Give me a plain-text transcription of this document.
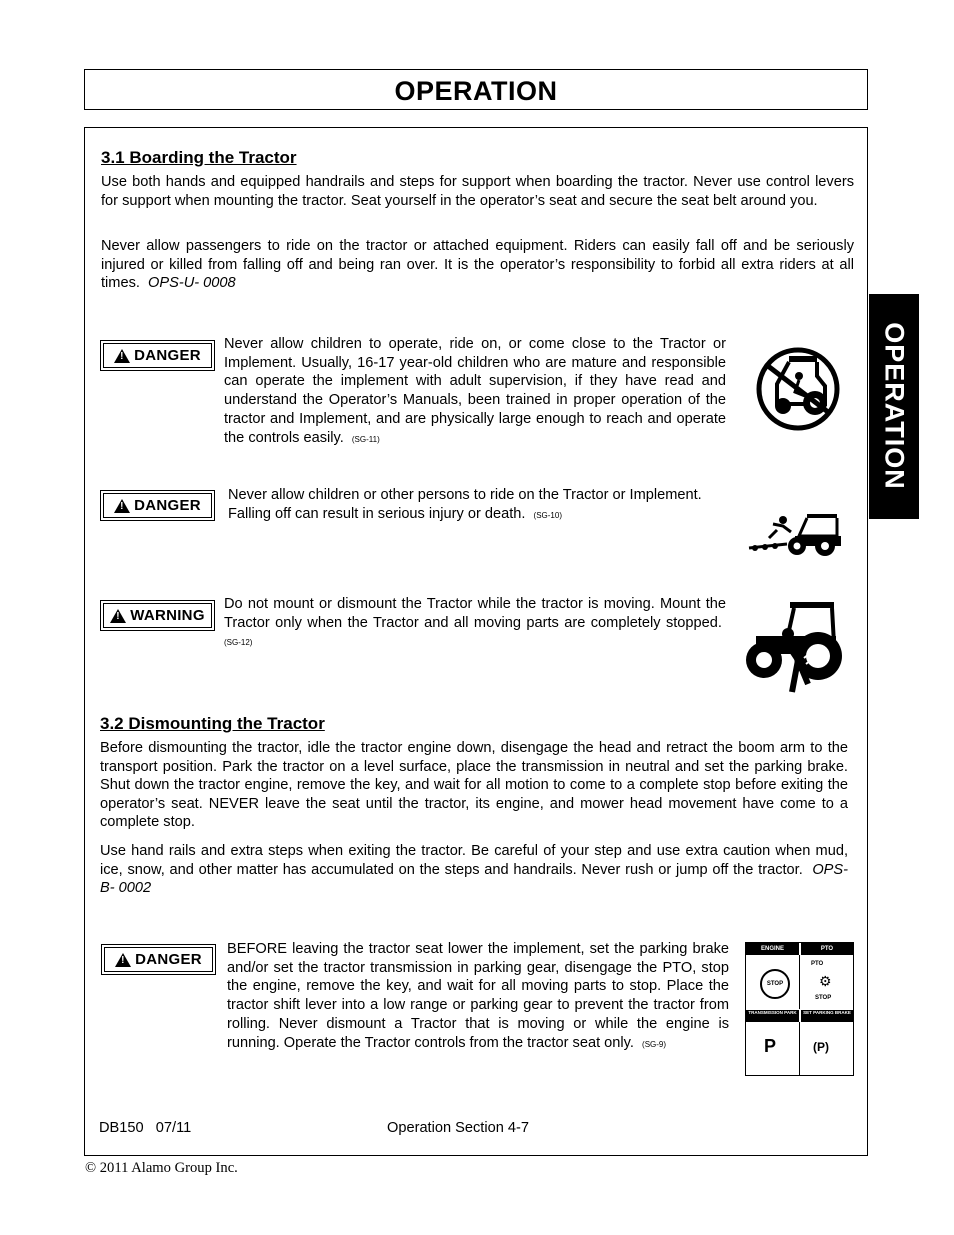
OPERATION
OPERATION
3.1 Boarding the Tractor
Use both hands and equipped handrails and steps for support when boarding the tractor. Never use control levers for support when mounting the tractor. Seat yourself in the operator’s seat and secure the seat belt around you.
Never allow passengers to ride on the tractor or attached equipment. Riders can easily fall off and be seriously injured or killed from falling off and being ran over. It is the operator’s responsibility to forbid all extra riders at all times. OPS-U- 0008
!
DANGER
Never allow children to operate, ride on, or come close to the Tractor or Implement. Usually, 16-17 year-old children who are mature and responsible can operate the implement with adult supervision, if they have read and understand the Operator’s Manuals, been trained in proper operation of the tractor and Implement, and are physically large enough to reach and operate the controls easily. (SG-11)
!
DANGER
Never allow children or other persons to ride on the Tractor or Implement. Falling off can result in serious injury or death. (SG-10)
!
WARNING
Do not mount or dismount the Tractor while the tractor is moving. Mount the Tractor only when the Tractor and all moving parts are completely stopped.  (SG-12)
3.2 Dismounting the Tractor
Before dismounting the tractor, idle the tractor engine down, disengage the head and retract the boom arm to the transport position. Park the tractor on a level surface, place the transmission in neutral and set the parking brake. Shut down the tractor engine, remove the key, and wait for all motion to come to a complete stop before exiting the operator’s seat. NEVER leave the seat until the tractor, its engine, and mower head movement have come to a complete stop.
Use hand rails and extra steps when exiting the tractor. Be careful of your step and use extra caution when mud, ice, snow, and other matter has accumulated on the steps and handrails. Never rush or jump off the tractor. OPS-B- 0002
!
DANGER
BEFORE leaving the tractor seat lower the implement, set the parking brake and/or set the tractor transmission in parking gear, disengage the PTO, stop the engine, remove the key, and wait for all moving parts to stop. Place the tractor shift lever into a low range or parking gear to prevent the tractor from rolling. Never dismount a Tractor that is moving or while the engine is running. Operate the Tractor controls from the tractor seat only. (SG-9)
ENGINE	PTO
STOP
PTO
⚙
STOP
TRANSMISSION PARK	SET PARKING BRAKE
P	(P)
DB150   07/11	Operation Section 4-7
© 2011 Alamo Group Inc.
